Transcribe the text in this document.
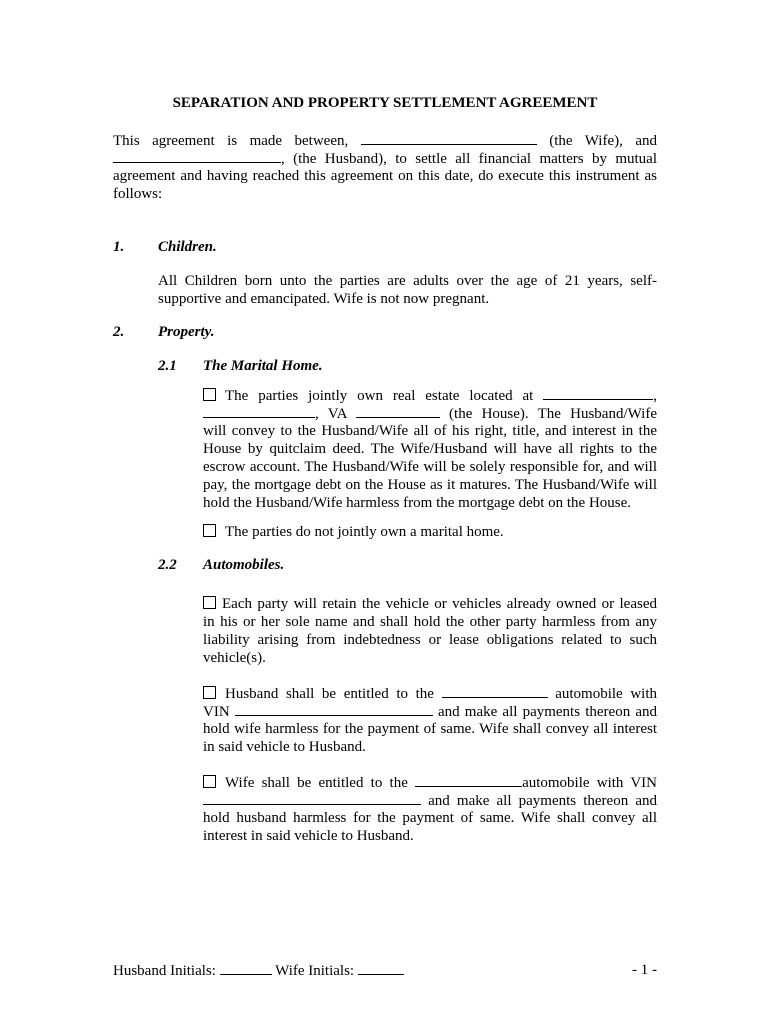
SEPARATION AND PROPERTY SETTLEMENT AGREEMENT
This agreement is made between,	(the Wife), and
, (the Husband), to settle all financial matters by mutual
agreement and having reached this agreement on this date, do execute this instrument as
follows:
1. Children.
All Children born unto the parties are adults over the age of 21 years, self-
supportive and emancipated. Wife is not now pregnant.
2. Property.
2.1 The Marital Home.
The parties jointly own real estate located at	,
, VA	(the House). The Husband/Wife
will convey to the Husband/Wife all of his right, title, and interest in the
House by quitclaim deed. The Wife/Husband will have all rights to the
escrow account. The Husband/Wife will be solely responsible for, and will
pay, the mortgage debt on the House as it matures. The Husband/Wife will
hold the Husband/Wife harmless from the mortgage debt on the House.
The parties do not jointly own a marital home.
2.2 Automobiles.
Each party will retain the vehicle or vehicles already owned or leased
in his or her sole name and shall hold the other party harmless from any
liability arising from indebtedness or lease obligations related to such
vehicle(s).
Husband shall be entitled to the	automobile with
VIN	and make all payments thereon and
hold wife harmless for the payment of same. Wife shall convey all interest
in said vehicle to Husband.
Wife shall be entitled to the	automobile with VIN
and make all payments thereon and
hold husband harmless for the payment of same. Wife shall convey all
interest in said vehicle to Husband.
Husband Initials:	Wife Initials:	- 1 -
